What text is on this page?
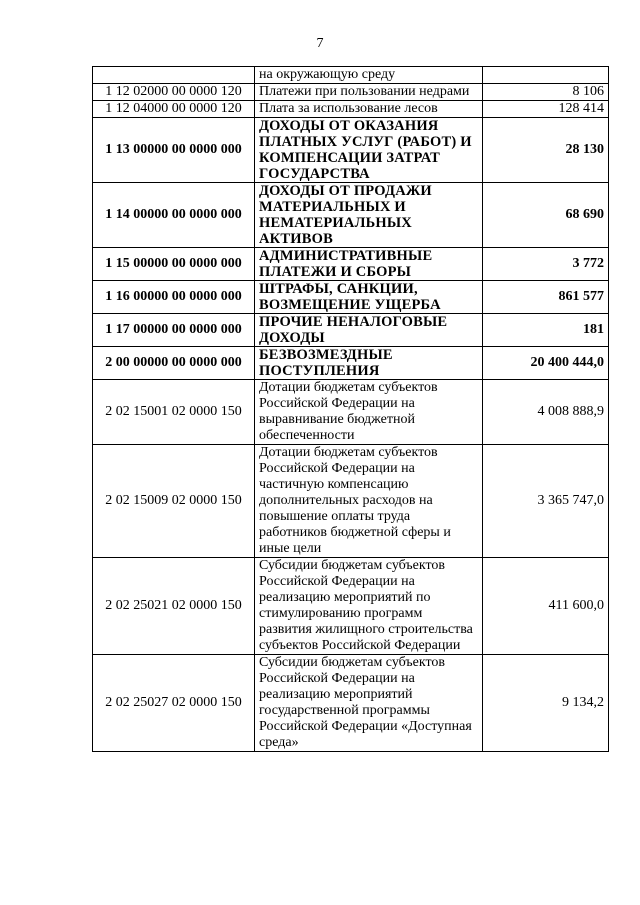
7
	на окружающую среду	
1 12 02000 00 0000 120	Платежи при пользовании недрами	8 106
1 12 04000 00 0000 120	Плата за использование лесов	128 414
1 13 00000 00 0000 000	ДОХОДЫ ОТ ОКАЗАНИЯ ПЛАТНЫХ УСЛУГ (РАБОТ) И КОМПЕНСАЦИИ ЗАТРАТ ГОСУДАРСТВА	28 130
1 14 00000 00 0000 000	ДОХОДЫ ОТ ПРОДАЖИ МАТЕРИАЛЬНЫХ И НЕМАТЕРИАЛЬНЫХ АКТИВОВ	68 690
1 15 00000 00 0000 000	АДМИНИСТРАТИВНЫЕ ПЛАТЕЖИ И СБОРЫ	3 772
1 16 00000 00 0000 000	ШТРАФЫ, САНКЦИИ, ВОЗМЕЩЕНИЕ УЩЕРБА	861 577
1 17 00000 00 0000 000	ПРОЧИЕ НЕНАЛОГОВЫЕ ДОХОДЫ	181
2 00 00000 00 0000 000	БЕЗВОЗМЕЗДНЫЕ ПОСТУПЛЕНИЯ	20 400 444,0
2 02 15001 02 0000 150	Дотации бюджетам субъектов Российской Федерации на выравнивание бюджетной обеспеченности	4 008 888,9
2 02 15009 02 0000 150	Дотации бюджетам субъектов Российской Федерации на частичную компенсацию дополнительных расходов на повышение оплаты труда работников бюджетной сферы и иные цели	3 365 747,0
2 02 25021 02 0000 150	Субсидии бюджетам субъектов Российской Федерации на реализацию мероприятий по стимулированию программ развития жилищного строительства субъектов Российской Федерации	411 600,0
2 02 25027 02 0000 150	Субсидии бюджетам субъектов Российской Федерации на реализацию мероприятий государственной программы Российской Федерации «Доступная среда»	9 134,2
